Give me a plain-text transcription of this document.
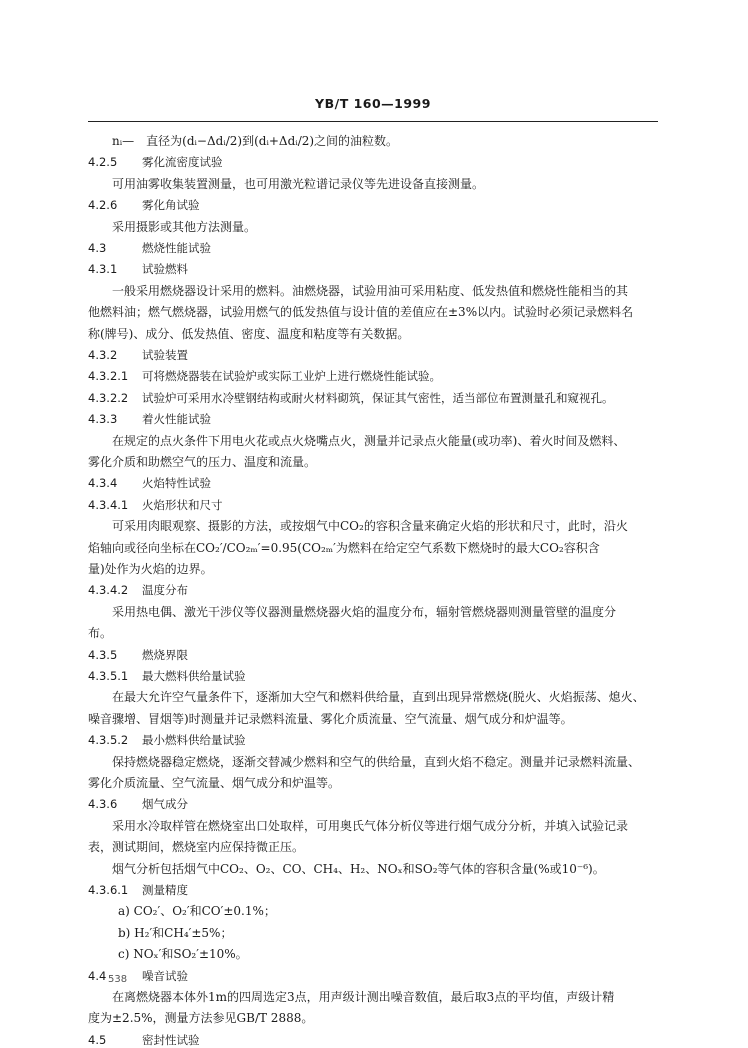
YB/T 160—1999
nᵢ—　直径为(dᵢ−Δdᵢ/2)到(dᵢ+Δdᵢ/2)之间的油粒数。
4.2.5 雾化流密度试验
可用油雾收集装置测量，也可用激光粒谱记录仪等先进设备直接测量。
4.2.6 雾化角试验
采用摄影或其他方法测量。
4.3	燃烧性能试验
4.3.1 试验燃料
一般采用燃烧器设计采用的燃料。油燃烧器，试验用油可采用粘度、低发热值和燃烧性能相当的其
他燃料油；燃气燃烧器，试验用燃气的低发热值与设计值的差值应在±3%以内。试验时必须记录燃料名
称(牌号)、成分、低发热值、密度、温度和粘度等有关数据。
4.3.2 试验装置
4.3.2.1 可将燃烧器装在试验炉或实际工业炉上进行燃烧性能试验。
4.3.2.2 试验炉可采用水冷壁钢结构或耐火材料砌筑，保证其气密性，适当部位布置测量孔和窥视孔。
4.3.3 着火性能试验
在规定的点火条件下用电火花或点火烧嘴点火，测量并记录点火能量(或功率)、着火时间及燃料、
雾化介质和助燃空气的压力、温度和流量。
4.3.4 火焰特性试验
4.3.4.1 火焰形状和尺寸
可采用肉眼观察、摄影的方法，或按烟气中CO₂的容积含量来确定火焰的形状和尺寸，此时，沿火
焰轴向或径向坐标在CO₂′/CO₂ₘ′=0.95(CO₂ₘ′为燃料在给定空气系数下燃烧时的最大CO₂容积含
量)处作为火焰的边界。
4.3.4.2 温度分布
采用热电偶、激光干涉仪等仪器测量燃烧器火焰的温度分布，辐射管燃烧器则测量管壁的温度分
布。
4.3.5 燃烧界限
4.3.5.1 最大燃料供给量试验
在最大允许空气量条件下，逐渐加大空气和燃料供给量，直到出现异常燃烧(脱火、火焰振荡、熄火、
噪音骤增、冒烟等)时测量并记录燃料流量、雾化介质流量、空气流量、烟气成分和炉温等。
4.3.5.2 最小燃料供给量试验
保持燃烧器稳定燃烧，逐渐交替减少燃料和空气的供给量，直到火焰不稳定。测量并记录燃料流量、
雾化介质流量、空气流量、烟气成分和炉温等。
4.3.6 烟气成分
采用水冷取样管在燃烧室出口处取样，可用奥氏气体分析仪等进行烟气成分分析，并填入试验记录
表，测试期间，燃烧室内应保持微正压。
烟气分析包括烟气中CO₂、O₂、CO、CH₄、H₂、NOₓ和SO₂等气体的容积含量(%或10⁻⁶)。
4.3.6.1 测量精度
a) CO₂′、O₂′和CO′±0.1%；
b) H₂′和CH₄′±5%；
c) NOₓ′和SO₂′±10%。
4.4	噪音试验
在离燃烧器本体外1m的四周选定3点，用声级计测出噪音数值，最后取3点的平均值，声级计精
度为±2.5%，测量方法参见GB/T 2888。
4.5	密封性试验
538
